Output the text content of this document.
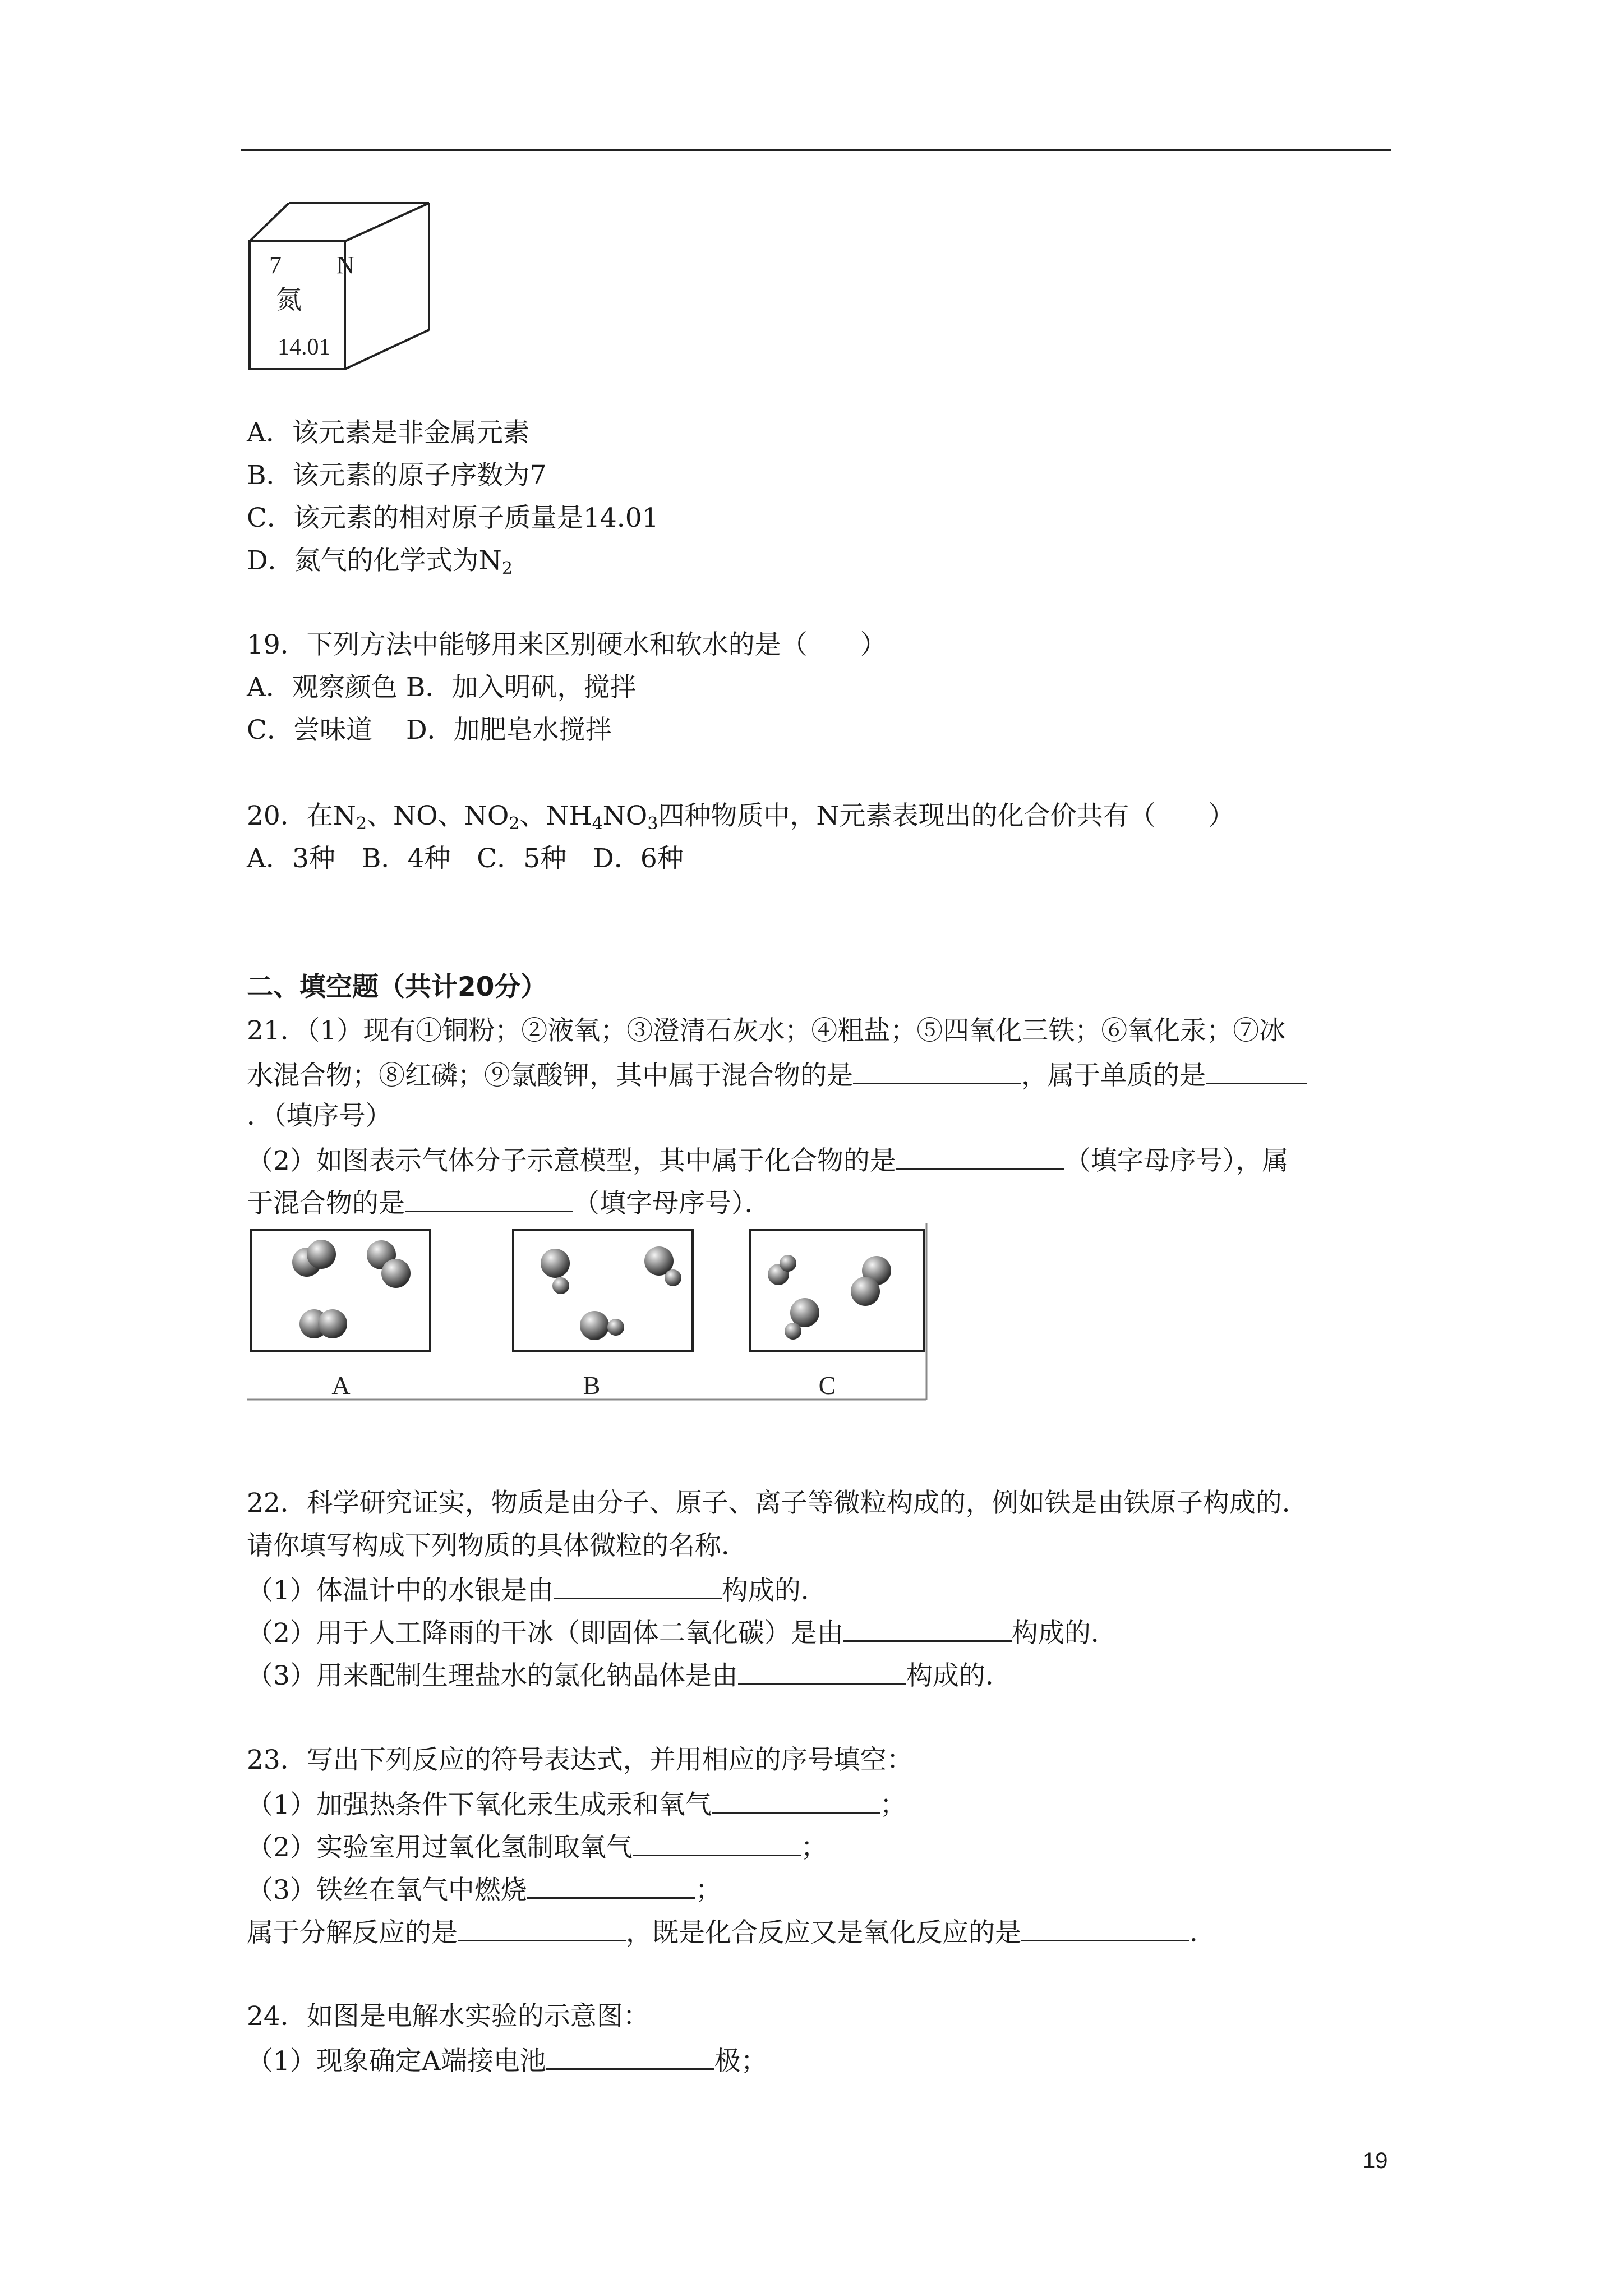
7 N
氮
14.01
A．该元素是非金属元素
B．该元素的原子序数为7
C．该元素的相对原子质量是14.01
D．氮气的化学式为$N_2$
19．下列方法中能够用来区别硬水和软水的是（　　）
A．观察颜色 B．加入明矾，搅拌
C．尝味道 D．加肥皂水搅拌
20．在$N_2$、NO、$NO_2$、$NH_4NO_3$四种物质中，N元素表现出的化合价共有（　　）
A．3种　B．4种　C．5种　D．6种
二、填空题（共计20分）
21．（1）现有①铜粉；②液氧；③澄清石灰水；④粗盐；⑤四氧化三铁；⑥氧化汞；⑦冰
水混合物；⑧红磷；⑨氯酸钾，其中属于混合物的是	，属于单质的是
．（填序号）
（2）如图表示气体分子示意模型，其中属于化合物的是	（填字母序号），属
于混合物的是	（填字母序号）．
A	B	C
22．科学研究证实，物质是由分子、原子、离子等微粒构成的，例如铁是由铁原子构成的．
请你填写构成下列物质的具体微粒的名称．
（1）体温计中的水银是由	构成的．
（2）用于人工降雨的干冰（即固体二氧化碳）是由	构成的．
（3）用来配制生理盐水的氯化钠晶体是由	构成的．
23．写出下列反应的符号表达式，并用相应的序号填空：
（1）加强热条件下氧化汞生成汞和氧气	；
（2）实验室用过氧化氢制取氧气	；
（3）铁丝在氧气中燃烧	；
属于分解反应的是	，既是化合反应又是氧化反应的是	．
24．如图是电解水实验的示意图：
（1）现象确定A端接电池	极；
19
